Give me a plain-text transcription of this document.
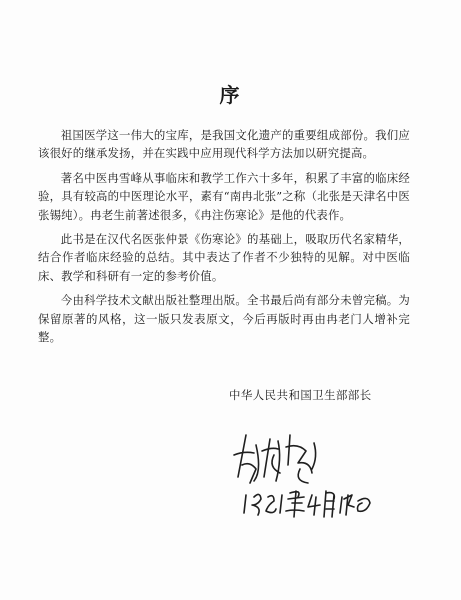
序

祖国医学这一伟大的宝库，是我国文化遗产的重要组成部份。我们应该很好的继承发扬，并在实践中应用现代科学方法加以研究提高。

著名中医冉雪峰从事临床和教学工作六十多年，积累了丰富的临床经验，具有较高的中医理论水平，素有“南冉北张”之称（北张是天津名中医张锡纯）。冉老生前著述很多，《冉注伤寒论》是他的代表作。

此书是在汉代名医张仲景《伤寒论》的基础上，吸取历代名家精华，结合作者临床经验的总结。其中表达了作者不少独特的见解。对中医临床、教学和科研有一定的参考价值。

今由科学技术文献出版社整理出版。全书最后尚有部分未曾完稿。为保留原著的风格，这一版只发表原文，今后再版时再由冉老门人增补完整。

中华人民共和国卫生部部长
